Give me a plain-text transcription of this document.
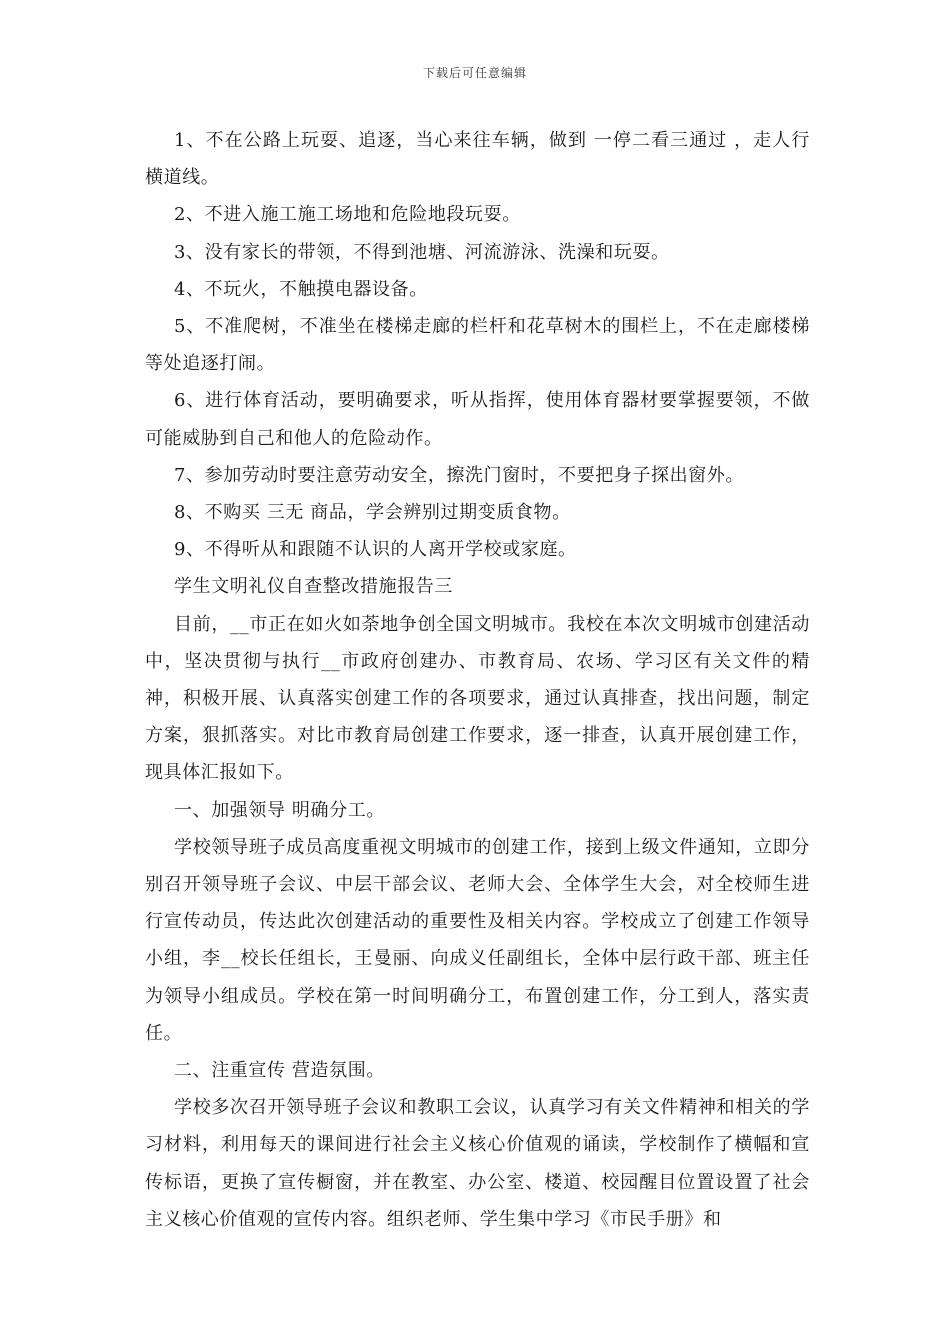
下载后可任意编辑

1、不在公路上玩耍、追逐，当心来往车辆，做到 一停二看三通过 ，走人行横道线。

2、不进入施工施工场地和危险地段玩耍。

3、没有家长的带领，不得到池塘、河流游泳、洗澡和玩耍。

4、不玩火，不触摸电器设备。

5、不准爬树，不准坐在楼梯走廊的栏杆和花草树木的围栏上，不在走廊楼梯等处追逐打闹。

6、进行体育活动，要明确要求，听从指挥，使用体育器材要掌握要领，不做可能威胁到自己和他人的危险动作。

7、参加劳动时要注意劳动安全，擦洗门窗时，不要把身子探出窗外。

8、不购买 三无 商品，学会辨别过期变质食物。

9、不得听从和跟随不认识的人离开学校或家庭。

学生文明礼仪自查整改措施报告三

目前，__市正在如火如荼地争创全国文明城市。我校在本次文明城市创建活动中，坚决贯彻与执行__市政府创建办、市教育局、农场、学习区有关文件的精神，积极开展、认真落实创建工作的各项要求，通过认真排查，找出问题，制定方案，狠抓落实。对比市教育局创建工作要求，逐一排查，认真开展创建工作，现具体汇报如下。

一、加强领导 明确分工。

学校领导班子成员高度重视文明城市的创建工作，接到上级文件通知，立即分别召开领导班子会议、中层干部会议、老师大会、全体学生大会，对全校师生进行宣传动员，传达此次创建活动的重要性及相关内容。学校成立了创建工作领导小组，李__校长任组长，王曼丽、向成义任副组长，全体中层行政干部、班主任为领导小组成员。学校在第一时间明确分工，布置创建工作，分工到人，落实责任。

二、注重宣传 营造氛围。

学校多次召开领导班子会议和教职工会议，认真学习有关文件精神和相关的学习材料，利用每天的课间进行社会主义核心价值观的诵读，学校制作了横幅和宣传标语，更换了宣传橱窗，并在教室、办公室、楼道、校园醒目位置设置了社会主义核心价值观的宣传内容。组织老师、学生集中学习《市民手册》和
